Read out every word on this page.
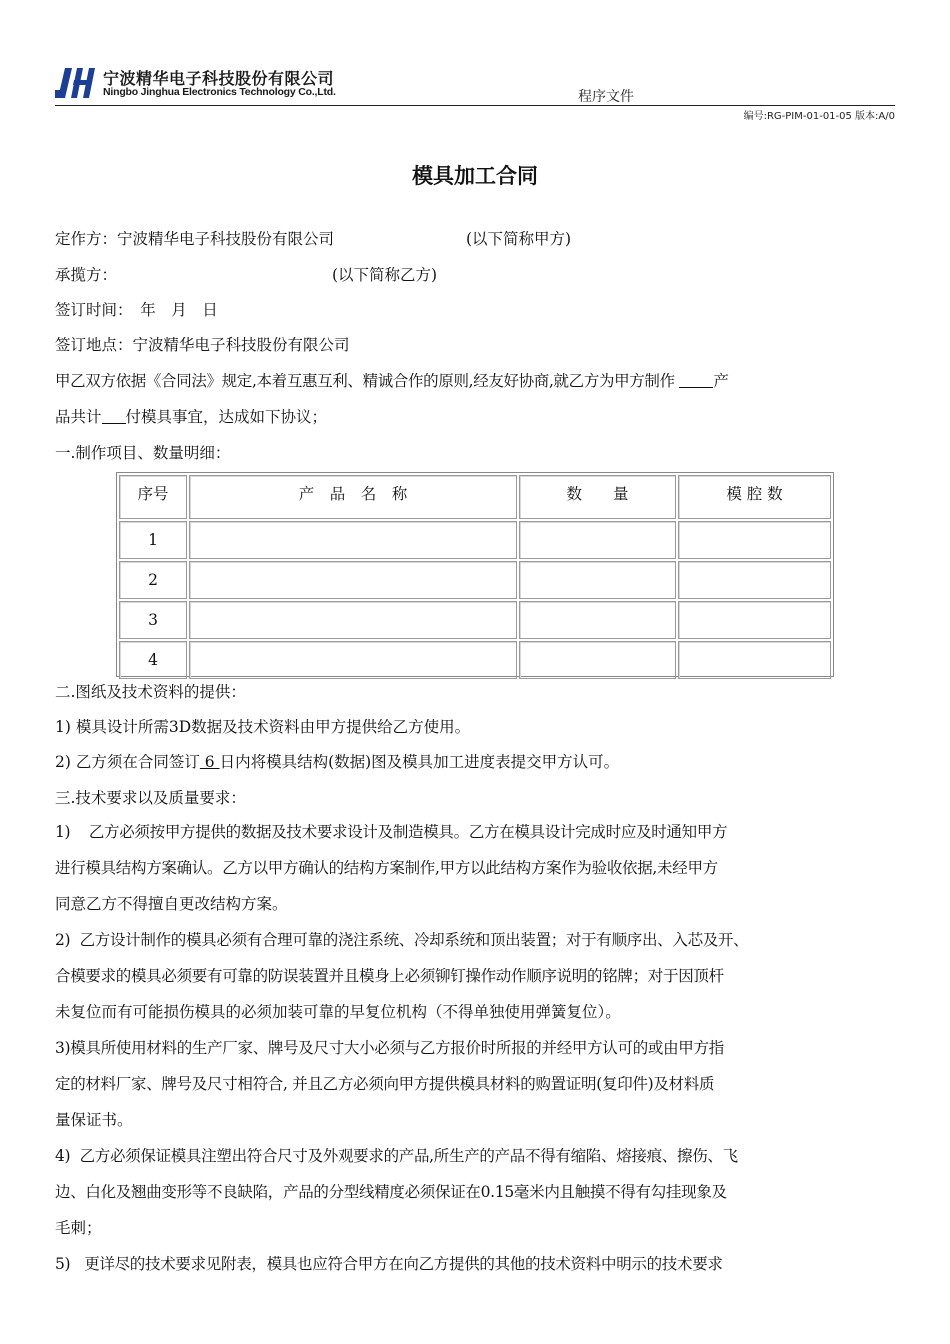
宁波精华电子科技股份有限公司
Ningbo Jinghua Electronics Technology Co.,Ltd.	程序文件
编号:RG-PIM-01-01-05 版本:A/0
模具加工合同
定作方：宁波精华电子科技股份有限公司	(以下简称甲方)
承揽方：	(以下简称乙方)
签订时间：　年　月　日
签订地点：宁波精华电子科技股份有限公司
甲乙双方依据《合同法》规定,本着互惠互利、精诚合作的原则,经友好协商,就乙方为甲方制作 产
品共计 付模具事宜，达成如下协议；
一.制作项目、数量明细：
序号	产　品　名　称	数　　量	模 腔 数
1			
2			
3			
4			
二.图纸及技术资料的提供：
1) 模具设计所需3D数据及技术资料由甲方提供给乙方使用。
2) 乙方须在合同签订 6 日内将模具结构(数据)图及模具加工进度表提交甲方认可。
三.技术要求以及质量要求：
1)    乙方必须按甲方提供的数据及技术要求设计及制造模具。乙方在模具设计完成时应及时通知甲方
进行模具结构方案确认。乙方以甲方确认的结构方案制作,甲方以此结构方案作为验收依据,未经甲方
同意乙方不得擅自更改结构方案。
2)  乙方设计制作的模具必须有合理可靠的浇注系统、冷却系统和顶出装置；对于有顺序出、入芯及开、
合模要求的模具必须要有可靠的防误装置并且模身上必须铆钉操作动作顺序说明的铭牌；对于因顶杆
未复位而有可能损伤模具的必须加装可靠的早复位机构（不得单独使用弹簧复位）。
3)模具所使用材料的生产厂家、牌号及尺寸大小必须与乙方报价时所报的并经甲方认可的或由甲方指
定的材料厂家、牌号及尺寸相符合, 并且乙方必须向甲方提供模具材料的购置证明(复印件)及材料质
量保证书。
4)  乙方必须保证模具注塑出符合尺寸及外观要求的产品,所生产的产品不得有缩陷、熔接痕、擦伤、飞
边、白化及翘曲变形等不良缺陷，产品的分型线精度必须保证在0.15毫米内且触摸不得有勾挂现象及
毛刺；
5)   更详尽的技术要求见附表，模具也应符合甲方在向乙方提供的其他的技术资料中明示的技术要求
